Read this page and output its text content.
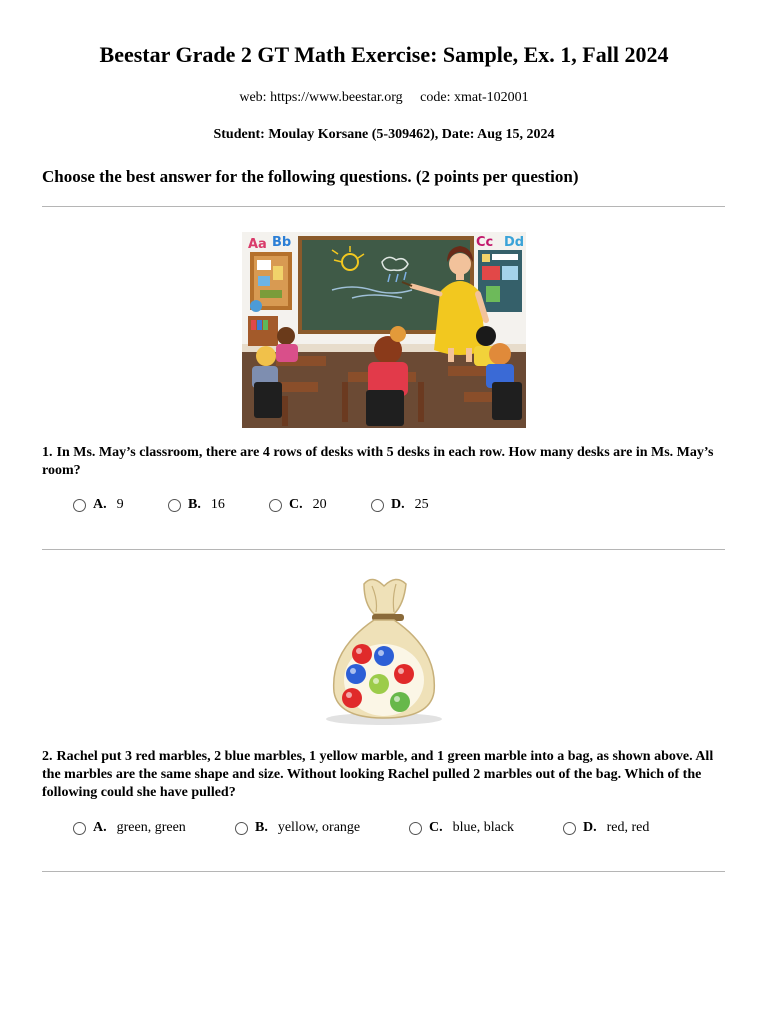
Beestar Grade 2 GT Math Exercise: Sample, Ex. 1, Fall 2024
web: https://www.beestar.org code: xmat-102001
Student: Moulay Korsane (5-309462), Date: Aug 15, 2024
Choose the best answer for the following questions. (2 points per question)
Aa Bb	Cc Dd
1. In Ms. May’s classroom, there are 4 rows of desks with 5 desks in each row. How many desks are in Ms. May’s room?
A. 9	B. 16	C. 20	D. 25
2. Rachel put 3 red marbles, 2 blue marbles, 1 yellow marble, and 1 green marble into a bag, as shown above. All the marbles are the same shape and size. Without looking Rachel pulled 2 marbles out of the bag. Which of the following could she have pulled?
A. green, green	B. yellow, orange	C. blue, black	D. red, red
